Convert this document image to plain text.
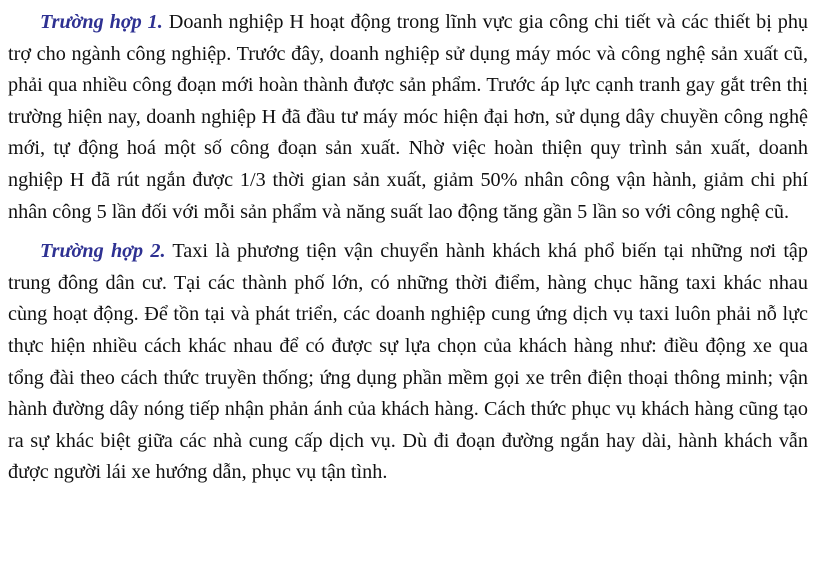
Trường hợp 1. Doanh nghiệp H hoạt động trong lĩnh vực gia công chi tiết và các thiết bị phụ trợ cho ngành công nghiệp. Trước đây, doanh nghiệp sử dụng máy móc và công nghệ sản xuất cũ, phải qua nhiều công đoạn mới hoàn thành được sản phẩm. Trước áp lực cạnh tranh gay gắt trên thị trường hiện nay, doanh nghiệp H đã đầu tư máy móc hiện đại hơn, sử dụng dây chuyền công nghệ mới, tự động hoá một số công đoạn sản xuất. Nhờ việc hoàn thiện quy trình sản xuất, doanh nghiệp H đã rút ngắn được 1/3 thời gian sản xuất, giảm 50% nhân công vận hành, giảm chi phí nhân công 5 lần đối với mỗi sản phẩm và năng suất lao động tăng gần 5 lần so với công nghệ cũ.

Trường hợp 2. Taxi là phương tiện vận chuyển hành khách khá phổ biến tại những nơi tập trung đông dân cư. Tại các thành phố lớn, có những thời điểm, hàng chục hãng taxi khác nhau cùng hoạt động. Để tồn tại và phát triển, các doanh nghiệp cung ứng dịch vụ taxi luôn phải nỗ lực thực hiện nhiều cách khác nhau để có được sự lựa chọn của khách hàng như: điều động xe qua tổng đài theo cách thức truyền thống; ứng dụng phần mềm gọi xe trên điện thoại thông minh; vận hành đường dây nóng tiếp nhận phản ánh của khách hàng. Cách thức phục vụ khách hàng cũng tạo ra sự khác biệt giữa các nhà cung cấp dịch vụ. Dù đi đoạn đường ngắn hay dài, hành khách vẫn được người lái xe hướng dẫn, phục vụ tận tình.
